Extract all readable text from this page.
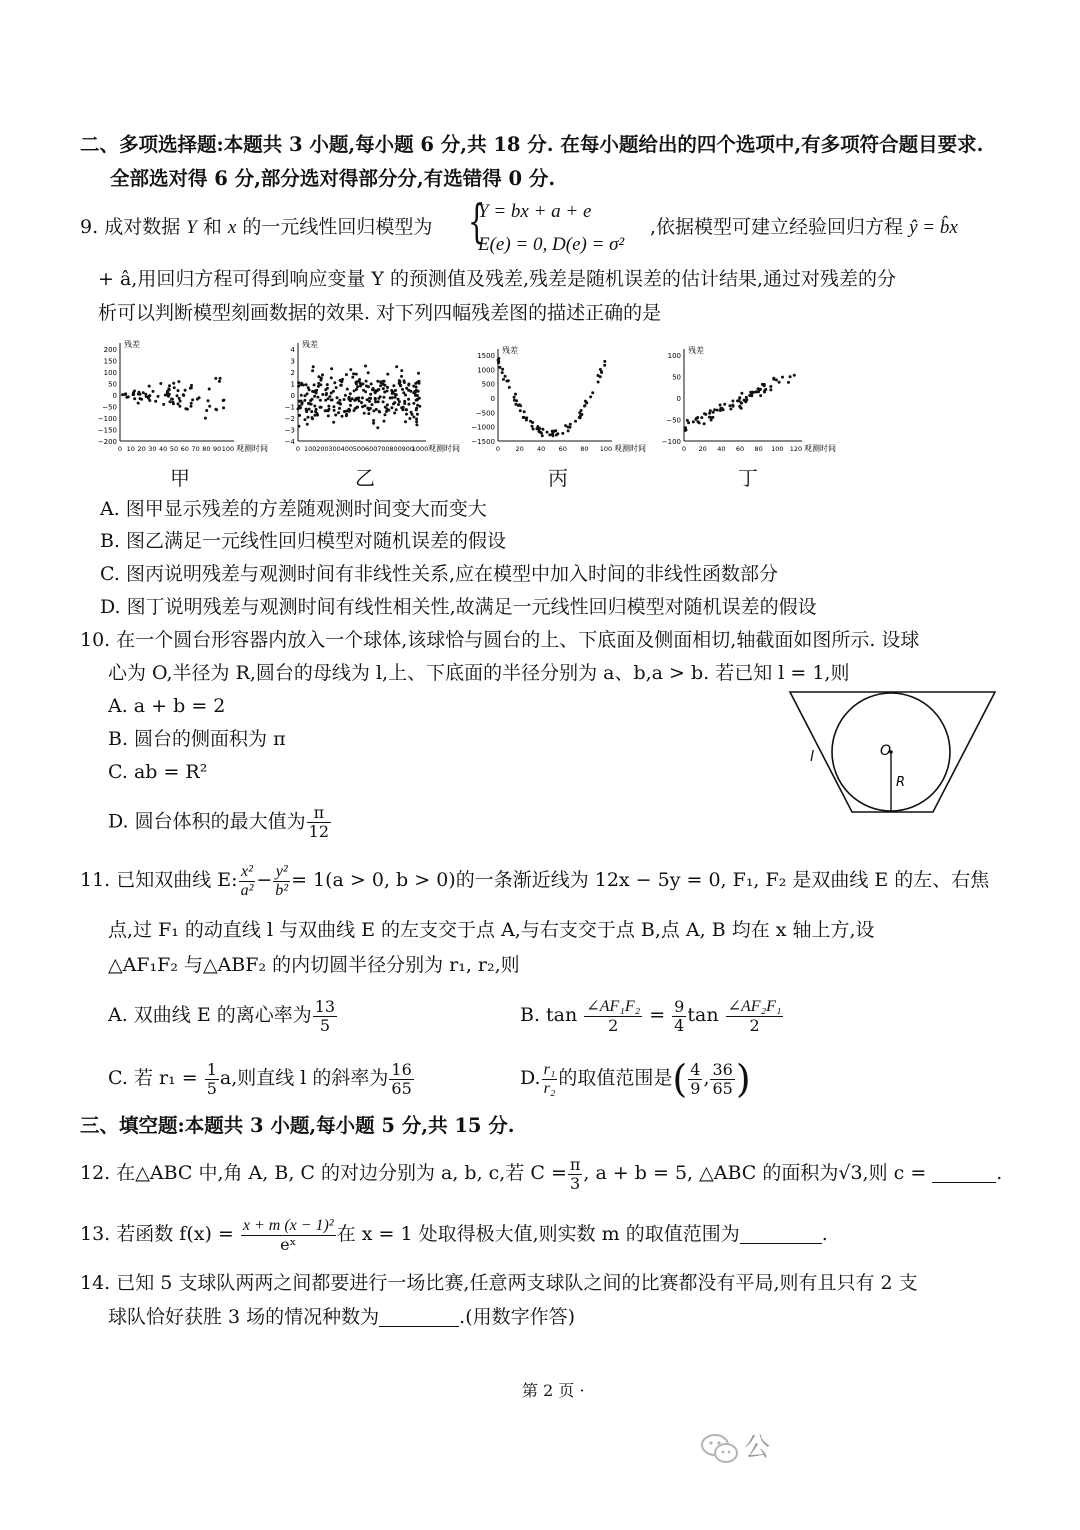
二、多项选择题:本题共 3 小题,每小题 6 分,共 18 分. 在每小题给出的四个选项中,有多项符合题目要求.
全部选对得 6 分,部分选对得部分分,有选错得 0 分.
9. 成对数据 Y 和 x 的一元线性回归模型为 {
Y = bx + a + e
E(e) = 0, D(e) = σ²
,依据模型可建立经验回归方程 ŷ = b̂x
+ â,用回归方程可得到响应变量 Y 的预测值及残差,残差是随机误差的估计结果,通过对残差的分
析可以判断模型刻画数据的效果. 对下列四幅残差图的描述正确的是
残差
200
150
100
50
0
−50
−100
−150
−200
0 10 20 30 40 50 60 70 80 90 100 观测时间
残差
4
3
2
1
0
−1
−2
−3
−4
0 100 200 300 400 500 600 700 800 900
1000 观测时间
残差
1500
1000
500
0
−500
−1000
−1500
0 20 40 60 80 100 观测时间
残差
100
50
0
−50
−100
0 20 40 60 80 100 120 观测时间
甲	乙	丙	丁
A. 图甲显示残差的方差随观测时间变大而变大
B. 图乙满足一元线性回归模型对随机误差的假设
C. 图丙说明残差与观测时间有非线性关系,应在模型中加入时间的非线性函数部分
D. 图丁说明残差与观测时间有线性相关性,故满足一元线性回归模型对随机误差的假设
10. 在一个圆台形容器内放入一个球体,该球恰与圆台的上、下底面及侧面相切,轴截面如图所示. 设球
心为 O,半径为 R,圆台的母线为 l,上、下底面的半径分别为 a、b,a > b. 若已知 l = 1,则
A. a + b = 2
B. 圆台的侧面积为 π
C. ab = R²
D. 圆台体积的最大值为 $\frac{\pi}{12}$
O
R
l
11. 已知双曲线 E: $\frac{\text{x²}}{\text{a²}} - \frac{\text{y²}}{\text{b²}} = 1(a > 0$, b > 0)的一条渐近线为 12x − 5y = 0, F₁, F₂ 是双曲线 E 的左、右焦
点,过 F₁ 的动直线 l 与双曲线 E 的左支交于点 A,与右支交于点 B,点 A, B 均在 x 轴上方,设
△AF₁F₂ 与△ABF₂ 的内切圆半径分别为 r₁, r₂,则
A. 双曲线 E 的离心率为 $\frac{13}{5}$	B. $\tan \frac{\text{∠AF₁F₂}}{2} = \frac{9}{4}$ $\tan \frac{\text{∠AF₂F₁}}{2}$
C. 若 $r_1 = \frac{1}{5} a$,则直线 l 的斜率为 $\frac{16}{65}$	D. $\frac{\text{r₁}}{\text{r₂}}$ 的取值范围是( $\frac{4}{9}$ , $\frac{36}{65}$ )
三、填空题:本题共 3 小题,每小题 5 分,共 15 分.
12. 在△ABC 中,角 A, B, C 的对边分别为 a, b, c,若 $C = \frac{\pi}{3}$ , a + b = 5, △ABC 的面积为√3,则 c =	.
13. 若函数 $f(x) = \frac{\text{x + m (x − 1)²}}{\text{eˣ}}$ 在 x = 1 处取得极大值,则实数 m 的取值范围为	.
14. 已知 5 支球队两两之间都要进行一场比赛,任意两支球队之间的比赛都没有平局,则有且只有 2 支
球队恰好获胜 3 场的情况种数为	.(用数字作答)
第 2 页 ·
公
